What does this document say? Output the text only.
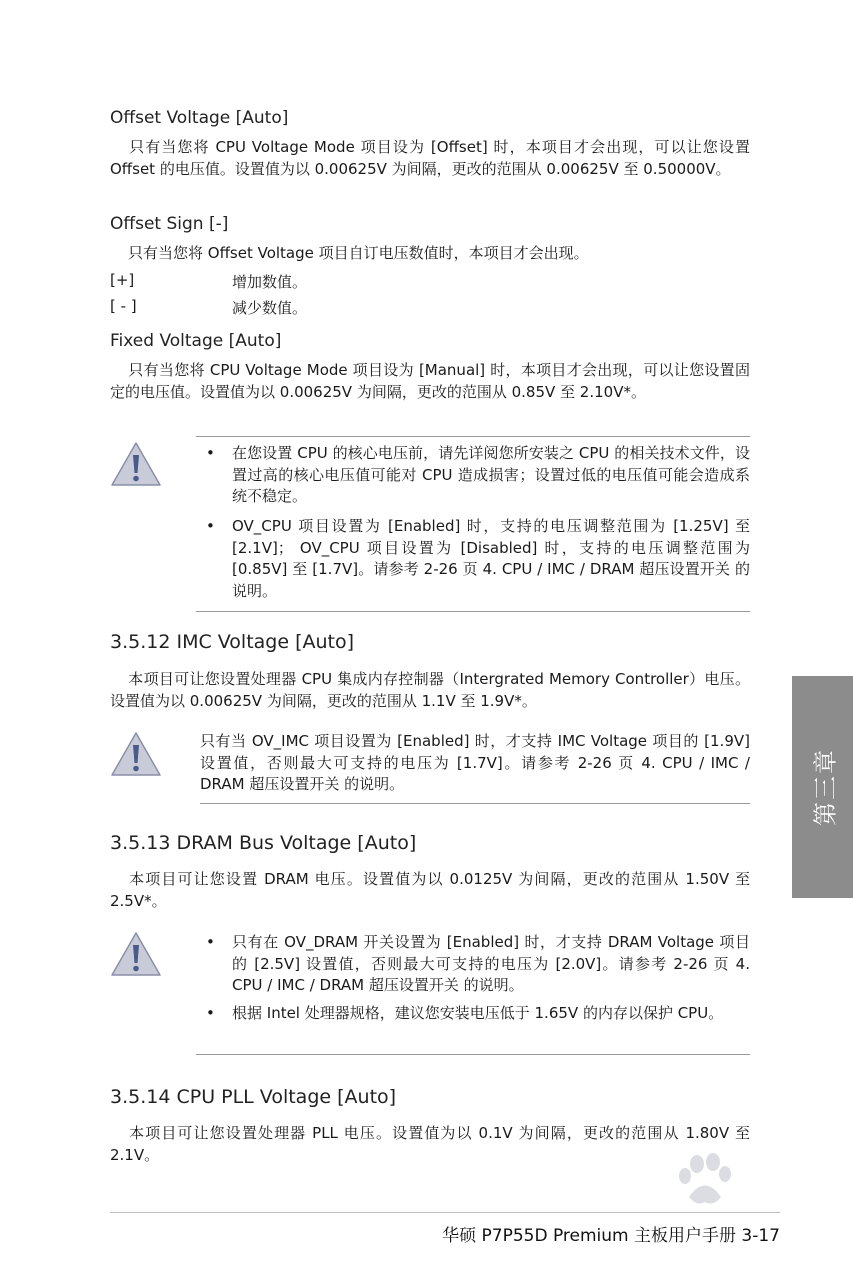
Offset Voltage [Auto]
只有当您将 CPU Voltage Mode 项目设为 [Offset] 时，本项目才会出现，可以让您设置 Offset 的电压值。设置值为以 0.00625V 为间隔，更改的范围从 0.00625V 至 0.50000V。
Offset Sign [-]
只有当您将 Offset Voltage 项目自订电压数值时，本项目才会出现。
[+]	增加数值。
[ - ]	减少数值。
Fixed Voltage [Auto]
只有当您将 CPU Voltage Mode 项目设为 [Manual] 时，本项目才会出现，可以让您设置固定的电压值。设置值为以 0.00625V 为间隔，更改的范围从 0.85V 至 2.10V*。
• 在您设置 CPU 的核心电压前，请先详阅您所安装之 CPU 的相关技术文件，设置过高的核心电压值可能对 CPU 造成损害；设置过低的电压值可能会造成系统不稳定。
• OV_CPU 项目设置为 [Enabled] 时，支持的电压调整范围为 [1.25V] 至 [2.1V]； OV_CPU 项目设置为 [Disabled] 时，支持的电压调整范围为 [0.85V] 至 [1.7V]。请参考 2-26 页 4. CPU / IMC / DRAM 超压设置开关 的说明。
3.5.12 IMC Voltage [Auto]
本项目可让您设置处理器 CPU 集成内存控制器（Intergrated Memory Controller）电压。设置值为以 0.00625V 为间隔，更改的范围从 1.1V 至 1.9V*。
只有当 OV_IMC 项目设置为 [Enabled] 时，才支持 IMC Voltage 项目的 [1.9V] 设置值，否则最大可支持的电压为 [1.7V]。请参考 2-26 页 4. CPU / IMC / DRAM 超压设置开关 的说明。
3.5.13 DRAM Bus Voltage [Auto]
本项目可让您设置 DRAM 电压。设置值为以 0.0125V 为间隔，更改的范围从 1.50V 至 2.5V*。
• 只有在 OV_DRAM 开关设置为 [Enabled] 时，才支持 DRAM Voltage 项目的 [2.5V] 设置值，否则最大可支持的电压为 [2.0V]。请参考 2-26 页 4. CPU / IMC / DRAM 超压设置开关 的说明。
• 根据 Intel 处理器规格，建议您安装电压低于 1.65V 的内存以保护 CPU。
3.5.14 CPU PLL Voltage [Auto]
本项目可让您设置处理器 PLL 电压。设置值为以 0.1V 为间隔，更改的范围从 1.80V 至 2.1V。
第三章
华硕 P7P55D Premium 主板用户手册 3-17
